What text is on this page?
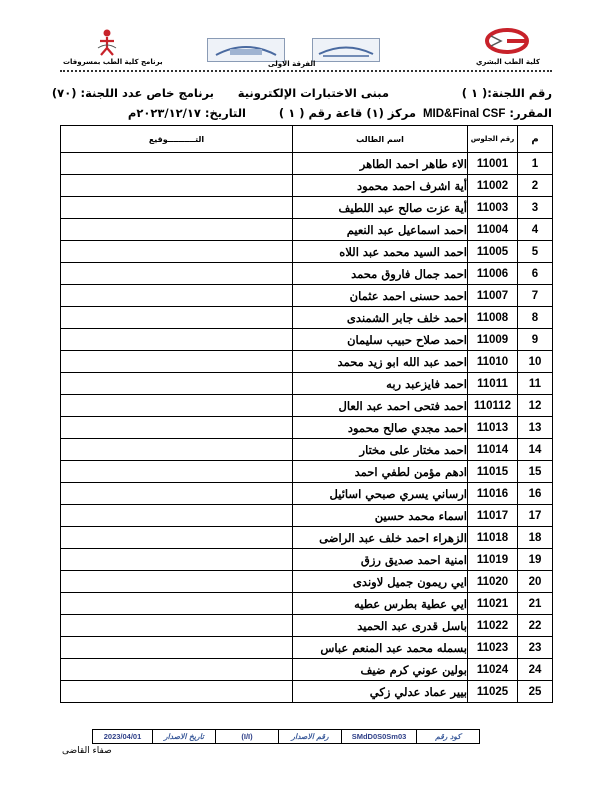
كلية الطب البشري
الفرقة الاولى
برنامج كلية الطب بمسروفات
رقم اللجنة:( ١ )
مبنى الاختبارات الإلكترونية
برنامج خاص عدد اللجنة: (٧٠)
المقرر: MID&Final CSF
مركز (١) قاعة رقم ( ١ )
التاريخ: ٢٠٢٣/١٢/١٧م
م	رقم الجلوس	اسم الطالب	التــــــــــوقيع
1	11001	الاء طاهر احمد الطاهر	
2	11002	أية اشرف احمد محمود	
3	11003	أية عزت صالح عبد اللطيف	
4	11004	احمد اسماعيل عبد النعيم	
5	11005	احمد السيد محمد عبد اللاه	
6	11006	احمد جمال فاروق محمد	
7	11007	احمد حسنى احمد عثمان	
8	11008	احمد خلف جابر الشمندى	
9	11009	احمد صلاح حبيب سليمان	
10	11010	احمد عبد الله ابو زيد محمد	
11	11011	احمد فايزعبد ربه	
12	110112	احمد فتحى احمد عبد العال	
13	11013	احمد مجدي صالح محمود	
14	11014	احمد مختار على مختار	
15	11015	ادهم مؤمن لطفي احمد	
16	11016	ارساني يسري صبحي اسائيل	
17	11017	اسماء محمد حسين	
18	11018	الزهراء احمد خلف عبد الراضى	
19	11019	امنية احمد صديق رزق	
20	11020	ايي ريمون جميل لاوندى	
21	11021	ايي عطية بطرس عطيه	
22	11022	باسل قدرى عبد الحميد	
23	11023	بسمله محمد عبد المنعم عباس	
24	11024	بولين عوني كرم ضيف	
25	11025	بيير عماد عدلي زكي	
كود رقم
SMdD0S0Sm03
رقم الاصدار
(I/I)
تاريخ الاصدار
2023/04/01
صفاء القاضى
